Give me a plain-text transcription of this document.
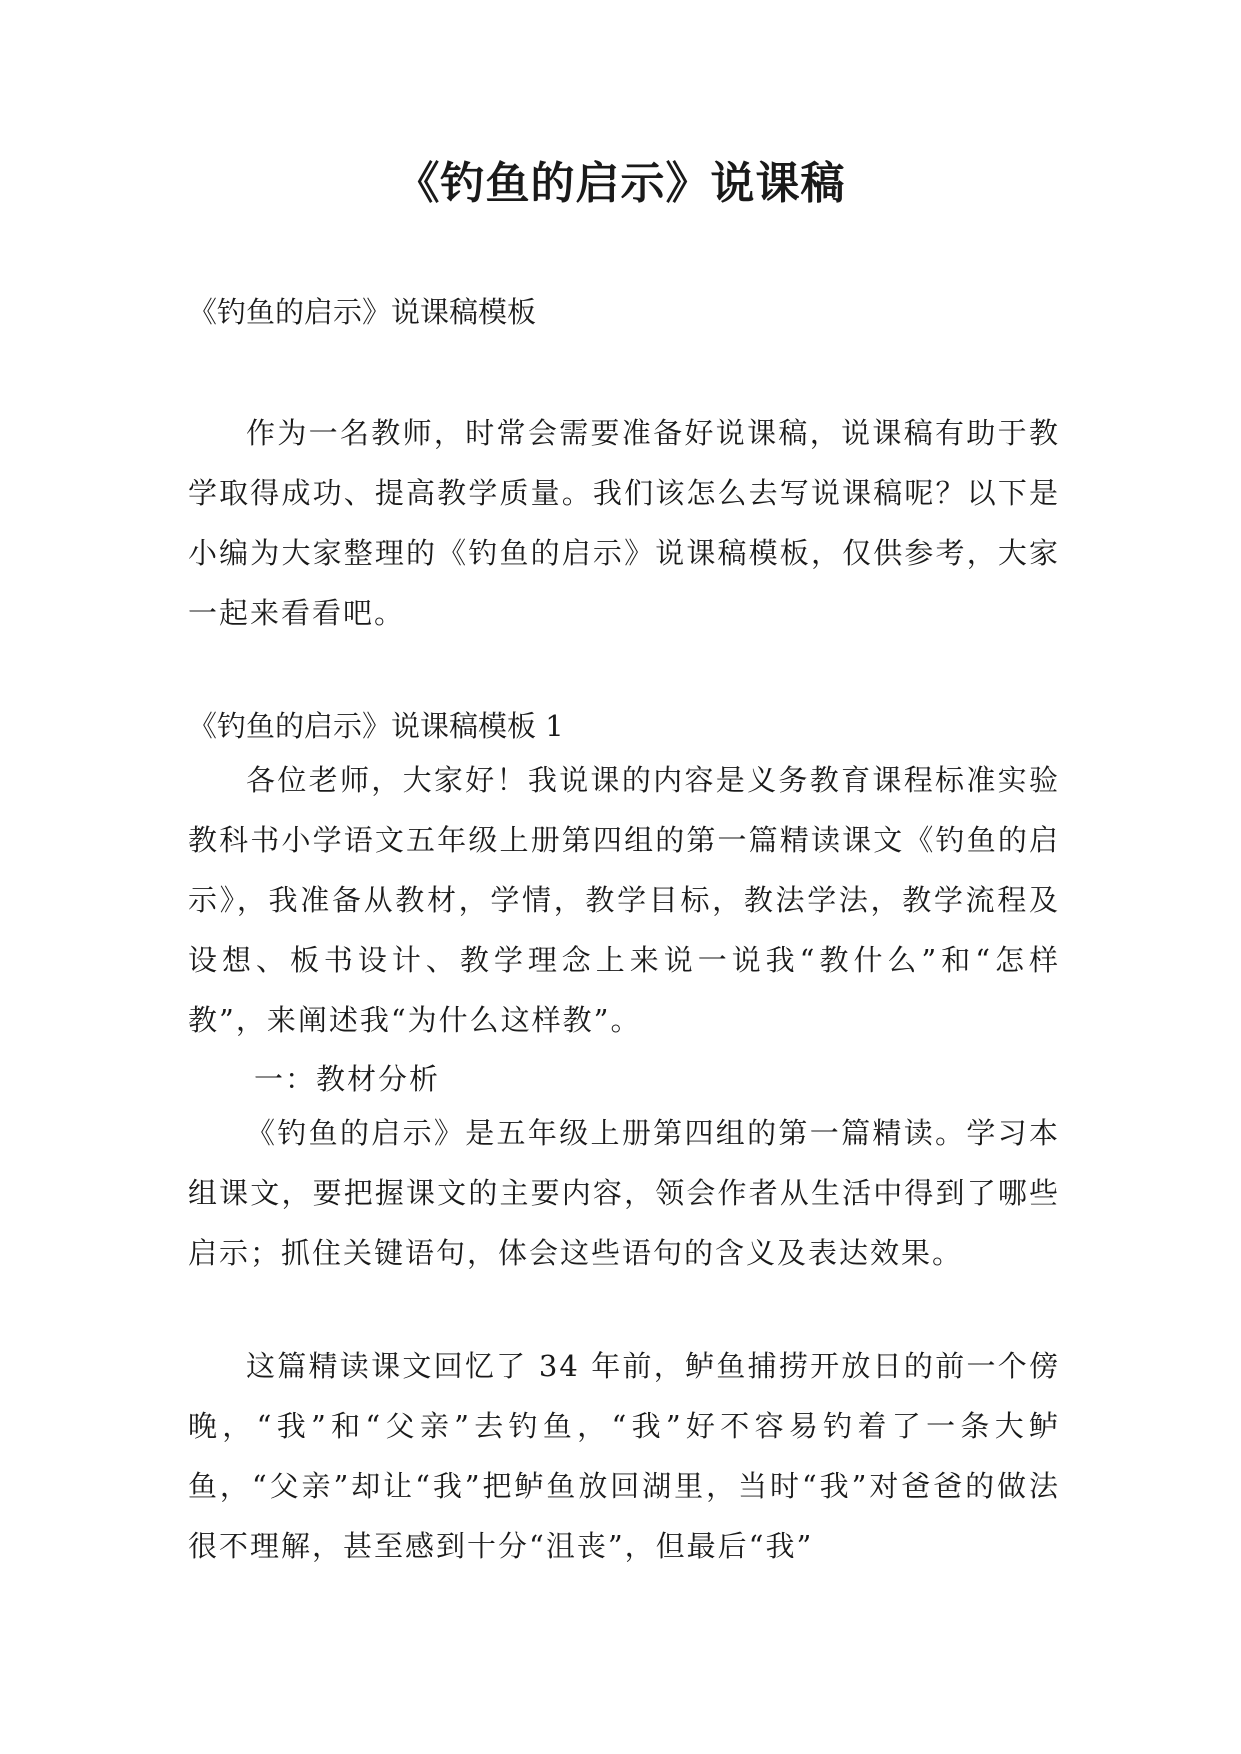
《钓鱼的启示》说课稿

《钓鱼的启示》说课稿模板

作为一名教师，时常会需要准备好说课稿，说课稿有助于教学取得成功、提高教学质量。我们该怎么去写说课稿呢？以下是小编为大家整理的《钓鱼的启示》说课稿模板，仅供参考，大家一起来看看吧。

《钓鱼的启示》说课稿模板 1

各位老师，大家好！我说课的内容是义务教育课程标准实验教科书小学语文五年级上册第四组的第一篇精读课文《钓鱼的启示》，我准备从教材，学情，教学目标，教法学法，教学流程及设想、板书设计、教学理念上来说一说我“教什么”和“怎样教”，来阐述我“为什么这样教”。

一：教材分析

《钓鱼的启示》是五年级上册第四组的第一篇精读。学习本组课文，要把握课文的主要内容，领会作者从生活中得到了哪些启示；抓住关键语句，体会这些语句的含义及表达效果。

这篇精读课文回忆了 34 年前，鲈鱼捕捞开放日的前一个傍晚，“我”和“父亲”去钓鱼，“我”好不容易钓着了一条大鲈鱼，“父亲”却让“我”把鲈鱼放回湖里，当时“我”对爸爸的做法很不理解，甚至感到十分“沮丧”，但最后“我”
